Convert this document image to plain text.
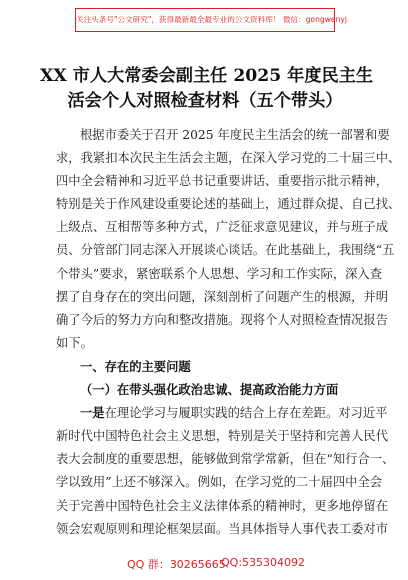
关注头条号"公文研究"，获得最新最全最专业的公文资料库！ 微信：gongwenyj
XX 市人大常委会副主任 2025 年度民主生
活会个人对照检查材料（五个带头）
根据市委关于召开 2025 年度民主生活会的统一部署和要
求，我紧扣本次民主生活会主题，在深入学习党的二十届三中、
四中全会精神和习近平总书记重要讲话、重要指示批示精神，
特别是关于作风建设重要论述的基础上，通过群众提、自己找、
上级点、互相帮等多种方式，广泛征求意见建议，并与班子成
员、分管部门同志深入开展谈心谈话。在此基础上，我围绕“五
个带头”要求，紧密联系个人思想、学习和工作实际，深入查
摆了自身存在的突出问题，深刻剖析了问题产生的根源，并明
确了今后的努力方向和整改措施。现将个人对照检查情况报告
如下。
一、存在的主要问题
（一）在带头强化政治忠诚、提高政治能力方面
一是在理论学习与履职实践的结合上存在差距。对习近平
新时代中国特色社会主义思想，特别是关于坚持和完善人民代
表大会制度的重要思想，能够做到常学常新，但在“知行合一、
学以致用”上还不够深入。例如，在学习党的二十届四中全会
关于完善中国特色社会主义法律体系的精神时，更多地停留在
领会宏观原则和理论框架层面。当具体指导人事代表工委对市
QQ 群：30265665
QQ:535304092
